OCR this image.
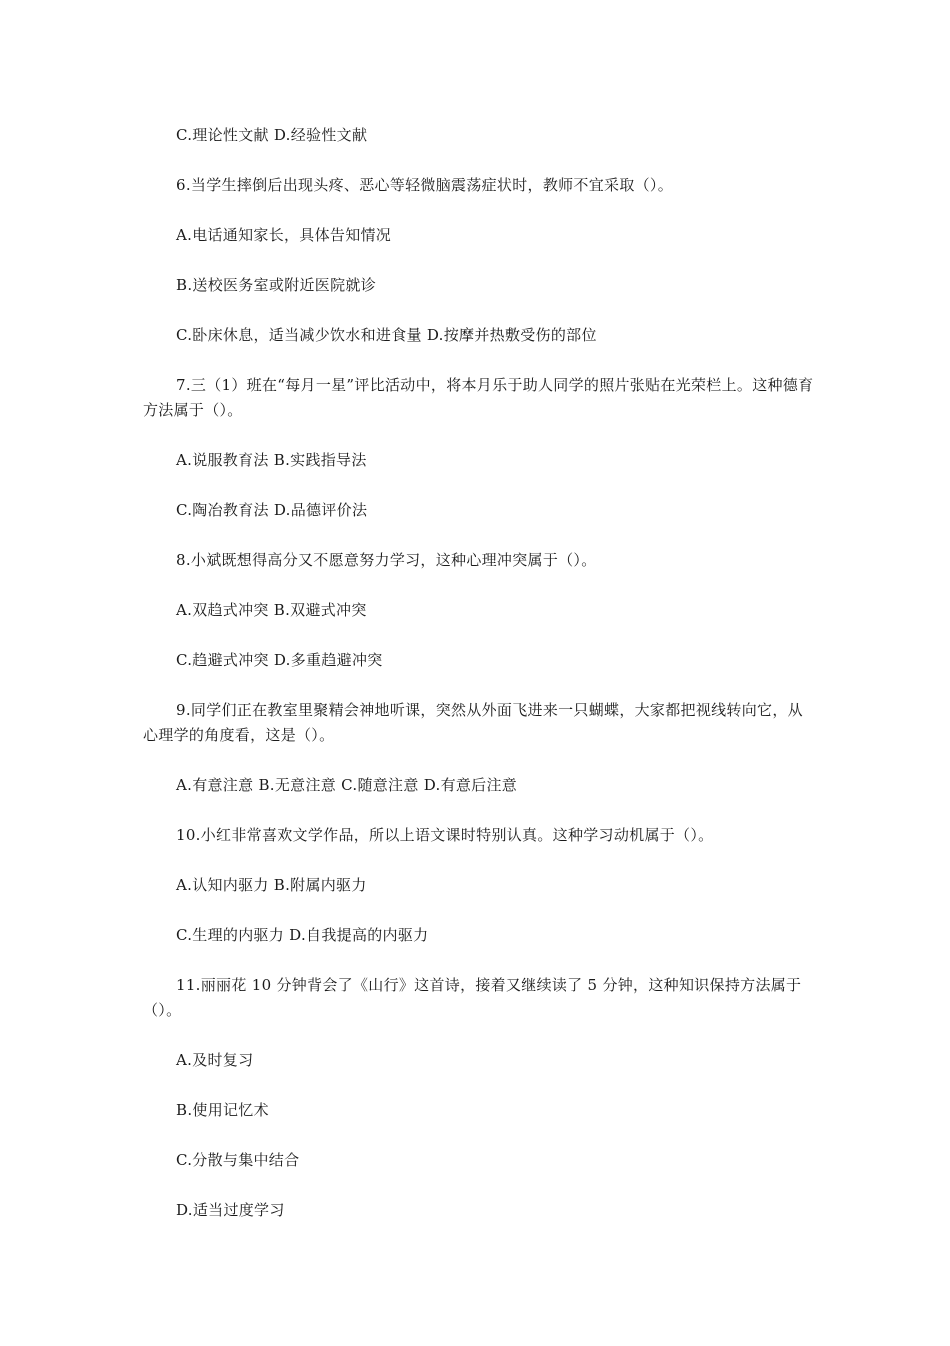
C.理论性文献 D.经验性文献
6.当学生摔倒后出现头疼、恶心等轻微脑震荡症状时，教师不宜采取（）。
A.电话通知家长，具体告知情况
B.送校医务室或附近医院就诊
C.卧床休息，适当减少饮水和进食量 D.按摩并热敷受伤的部位
7.三（1）班在“每月一星”评比活动中，将本月乐于助人同学的照片张贴在光荣栏上。这种德育方法属于（）。
A.说服教育法 B.实践指导法
C.陶冶教育法 D.品德评价法
8.小斌既想得高分又不愿意努力学习，这种心理冲突属于（）。
A.双趋式冲突 B.双避式冲突
C.趋避式冲突 D.多重趋避冲突
9.同学们正在教室里聚精会神地听课，突然从外面飞进来一只蝴蝶，大家都把视线转向它，从心理学的角度看，这是（）。
A.有意注意 B.无意注意 C.随意注意 D.有意后注意
10.小红非常喜欢文学作品，所以上语文课时特别认真。这种学习动机属于（）。
A.认知内驱力 B.附属内驱力
C.生理的内驱力 D.自我提高的内驱力
11.丽丽花 10 分钟背会了《山行》这首诗，接着又继续读了 5 分钟，这种知识保持方法属于（）。
A.及时复习
B.使用记忆术
C.分散与集中结合
D.适当过度学习
